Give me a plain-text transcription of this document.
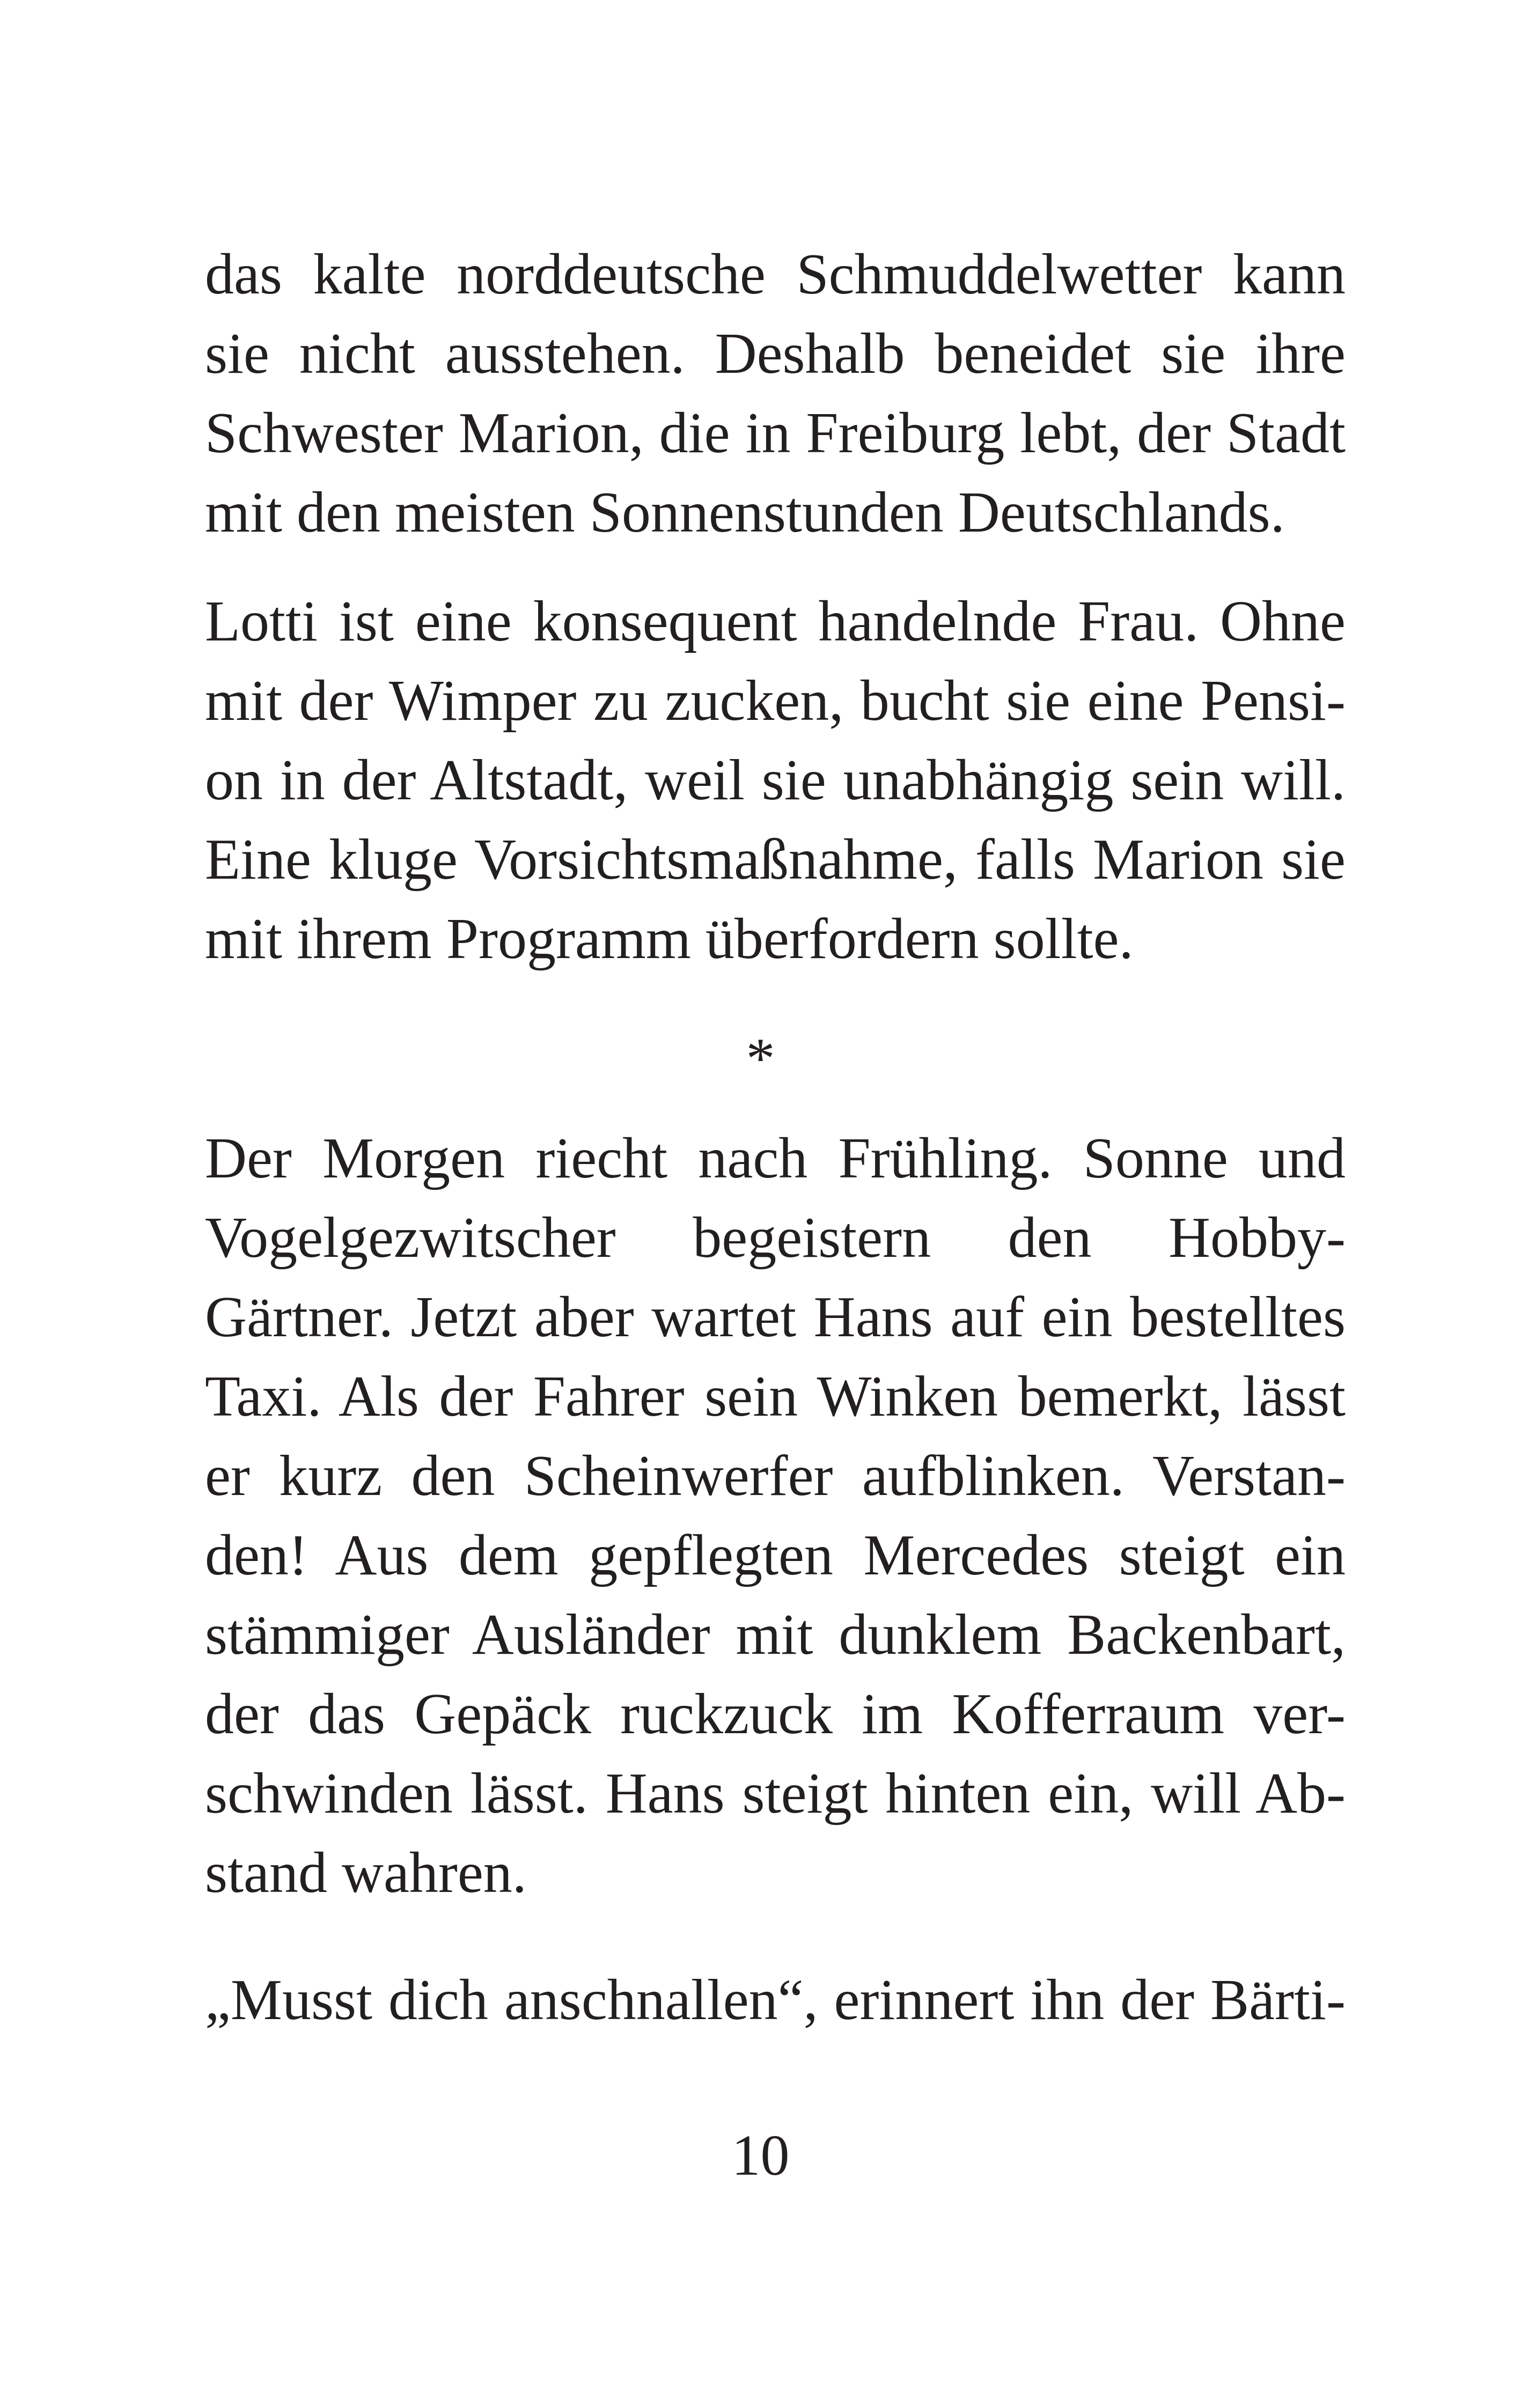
das kalte norddeutsche Schmuddelwetter kann
sie nicht ausstehen. Deshalb beneidet sie ihre
Schwester Marion, die in Freiburg lebt, der Stadt
mit den meisten Sonnenstunden Deutschlands.
Lotti ist eine konsequent handelnde Frau. Ohne
mit der Wimper zu zucken, bucht sie eine Pensi-
on in der Altstadt, weil sie unabhängig sein will.
Eine kluge Vorsichtsmaßnahme, falls Marion sie
mit ihrem Programm überfordern sollte.
*
Der Morgen riecht nach Frühling. Sonne und
Vogelgezwitscher begeistern den Hobby-
Gärtner. Jetzt aber wartet Hans auf ein bestelltes
Taxi. Als der Fahrer sein Winken bemerkt, lässt
er kurz den Scheinwerfer aufblinken. Verstan-
den! Aus dem gepflegten Mercedes steigt ein
stämmiger Ausländer mit dunklem Backenbart,
der das Gepäck ruckzuck im Kofferraum ver-
schwinden lässt. Hans steigt hinten ein, will Ab-
stand wahren.
„Musst dich anschnallen“, erinnert ihn der Bärti-
10
